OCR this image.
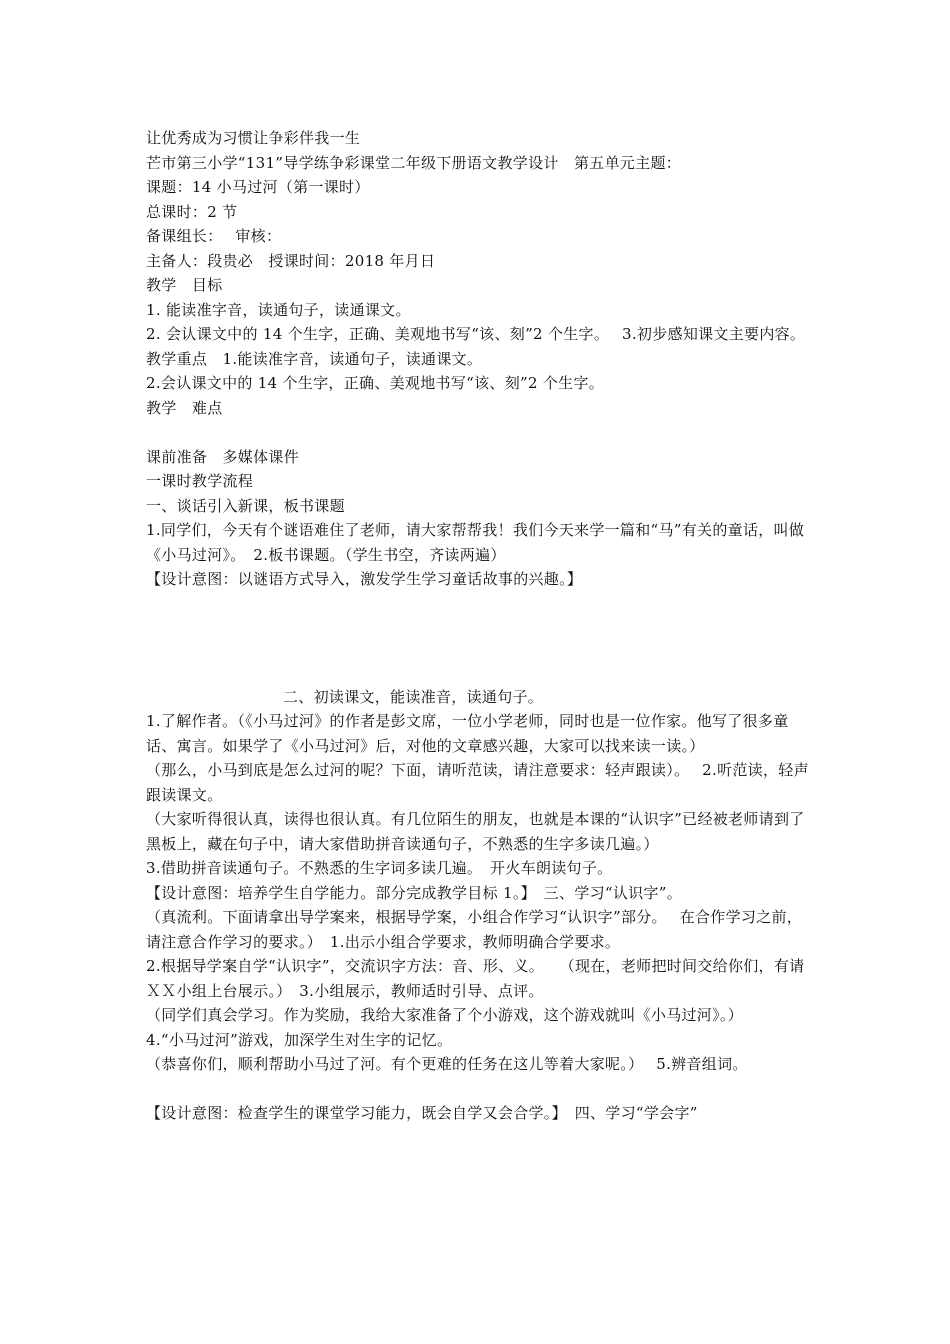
让优秀成为习惯让争彩伴我一生
芒市第三小学“131”导学练争彩课堂二年级下册语文教学设计　第五单元主题：
课题：14 小马过河（第一课时）
总课时：2 节
备课组长：　 审核：
主备人：段贵必　授课时间：2018 年月日
教学　目标
1. 能读准字音，读通句子，读通课文。
2. 会认课文中的 14 个生字，正确、美观地书写“该、刻”2 个生字。　 3.初步感知课文主要内容。
教学重点　1.能读准字音，读通句子，读通课文。
2.会认课文中的 14 个生字，正确、美观地书写“该、刻”2 个生字。
教学　难点
课前准备　多媒体课件
一课时教学流程
一、谈话引入新课，板书课题
1.同学们，今天有个谜语难住了老师，请大家帮帮我！我们今天来学一篇和“马”有关的童话，叫做《小马过河》。　2.板书课题。（学生书空，齐读两遍）
【设计意图：以谜语方式导入，激发学生学习童话故事的兴趣。】
二、初读课文，能读准音，读通句子。
1.了解作者。（《小马过河》的作者是彭文席，一位小学老师，同时也是一位作家。他写了很多童话、寓言。如果学了《小马过河》后，对他的文章感兴趣，大家可以找来读一读。）
（那么，小马到底是怎么过河的呢？下面，请听范读，请注意要求：轻声跟读）。　 2.听范读，轻声跟读课文。
（大家听得很认真，读得也很认真。有几位陌生的朋友，也就是本课的“认识字”已经被老师请到了黑板上，藏在句子中，请大家借助拼音读通句子，不熟悉的生字多读几遍。）
3.借助拼音读通句子。不熟悉的生字词多读几遍。　开火车朗读句子。
【设计意图：培养学生自学能力。部分完成教学目标 1。】　三、学习“认识字”。
（真流利。下面请拿出导学案来，根据导学案，小组合作学习“认识字”部分。　 在合作学习之前，请注意合作学习的要求。）　1.出示小组合学要求，教师明确合学要求。
2.根据导学案自学“认识字”，交流识字方法：音、形、义。　　（现在，老师把时间交给你们，有请ＸＸ小组上台展示。）　3.小组展示，教师适时引导、点评。
（同学们真会学习。作为奖励，我给大家准备了个小游戏，这个游戏就叫《小马过河》。）
4.“小马过河”游戏，加深学生对生字的记忆。
（恭喜你们，顺利帮助小马过了河。有个更难的任务在这儿等着大家呢。）　 5.辨音组词。
【设计意图：检查学生的课堂学习能力，既会自学又会合学。】　四、学习“学会字”
